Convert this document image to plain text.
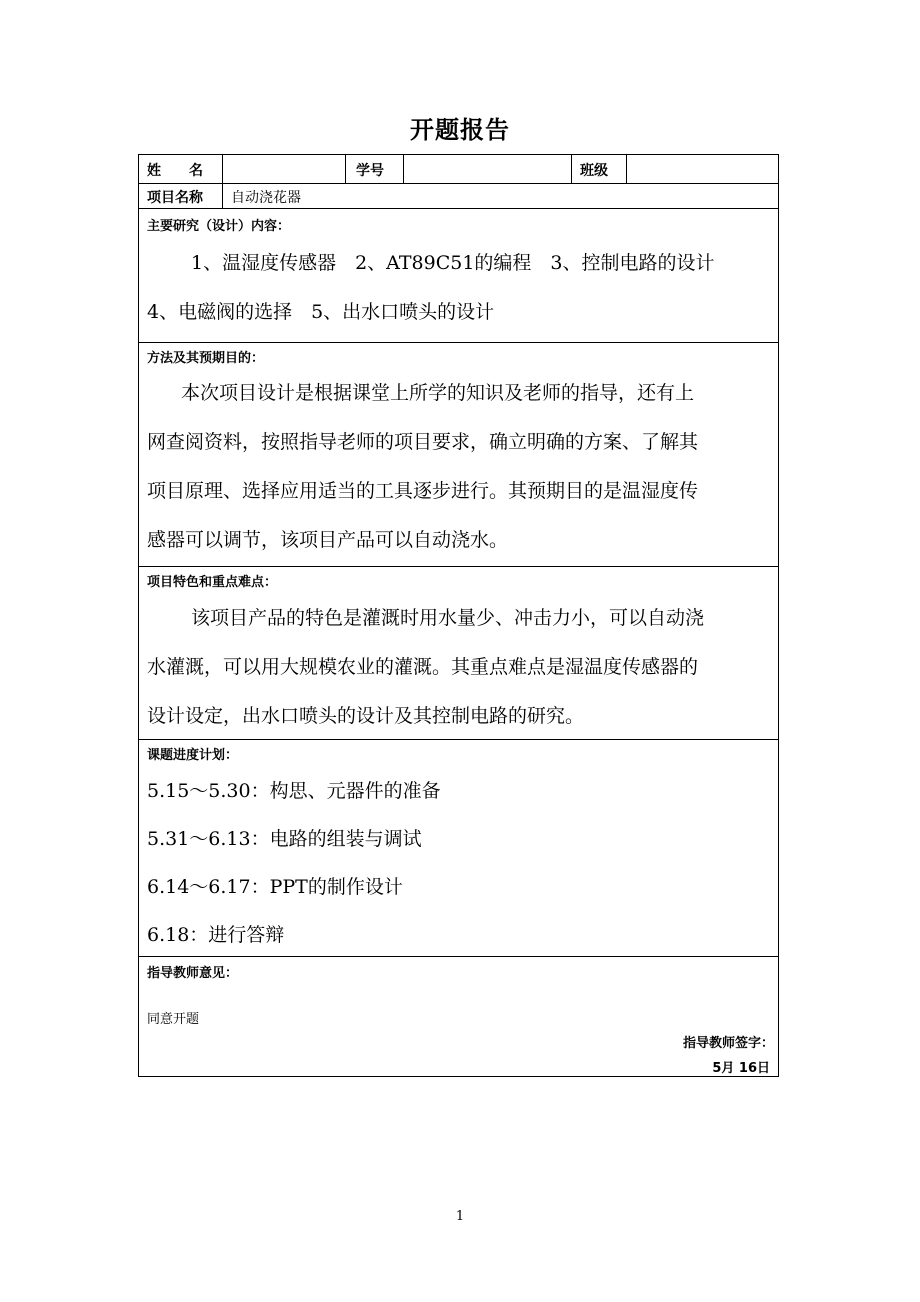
开题报告
姓　　名	学号	班级
项目名称 自动浇花器
主要研究（设计）内容：
1、温湿度传感器　2、AT89C51的编程　3、控制电路的设计
4、电磁阀的选择　5、出水口喷头的设计
方法及其预期目的：
本次项目设计是根据课堂上所学的知识及老师的指导，还有上
网查阅资料，按照指导老师的项目要求，确立明确的方案、了解其
项目原理、选择应用适当的工具逐步进行。其预期目的是温湿度传
感器可以调节，该项目产品可以自动浇水。
项目特色和重点难点：
该项目产品的特色是灌溉时用水量少、冲击力小，可以自动浇
水灌溉，可以用大规模农业的灌溉。其重点难点是湿温度传感器的
设计设定，出水口喷头的设计及其控制电路的研究。
课题进度计划：
5.15～5.30：构思、元器件的准备
5.31～6.13：电路的组装与调试
6.14～6.17：PPT的制作设计
6.18：进行答辩
指导教师意见：
同意开题
指导教师签字：
5月 16日
1
